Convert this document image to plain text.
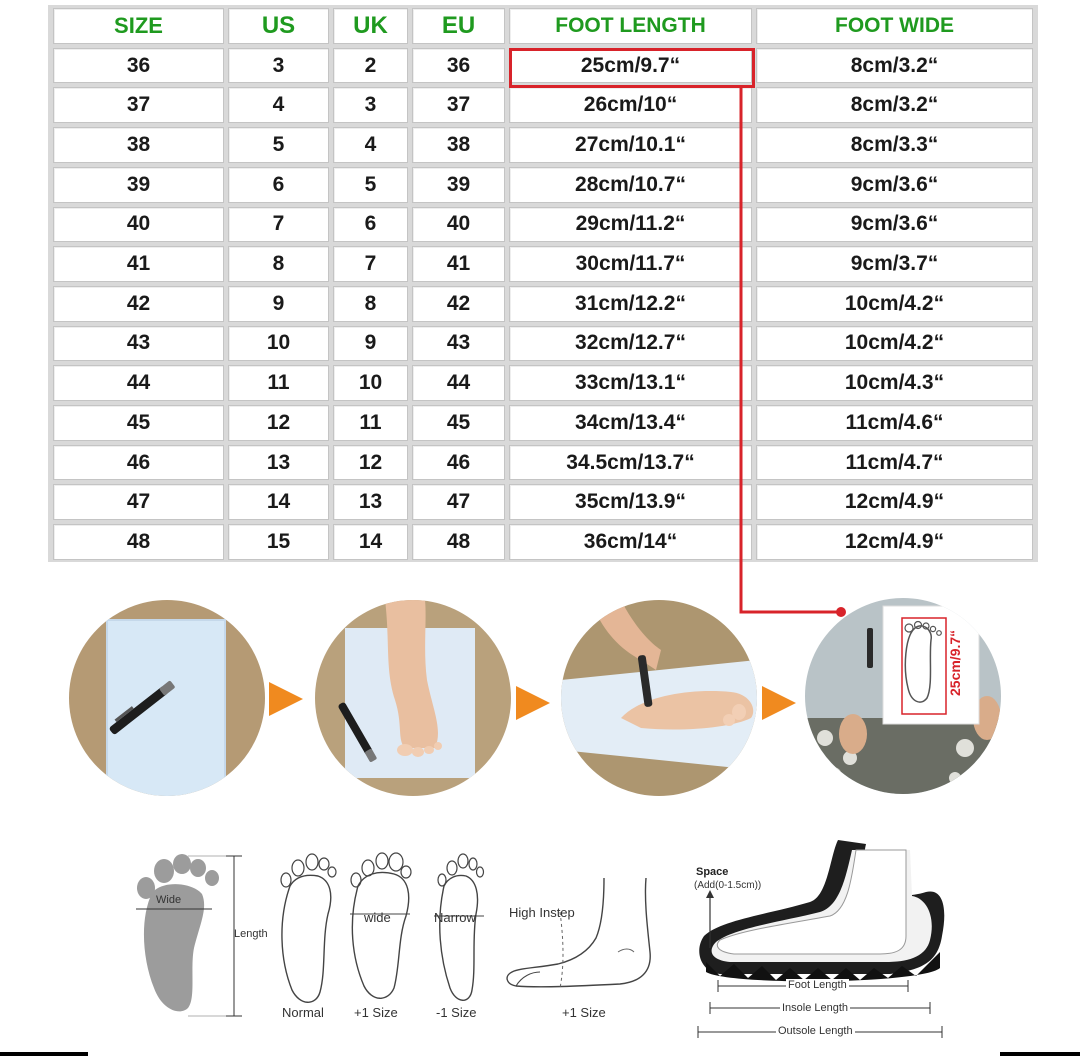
SIZE	US	UK	EU	FOOT LENGTH	FOOT WIDE
36	3	2	36	25cm/9.7“	8cm/3.2“
37	4	3	37	26cm/10“	8cm/3.2“
38	5	4	38	27cm/10.1“	8cm/3.3“
39	6	5	39	28cm/10.7“	9cm/3.6“
40	7	6	40	29cm/11.2“	9cm/3.6“
41	8	7	41	30cm/11.7“	9cm/3.7“
42	9	8	42	31cm/12.2“	10cm/4.2“
43	10	9	43	32cm/12.7“	10cm/4.2“
44	11	10	44	33cm/13.1“	10cm/4.3“
45	12	11	45	34cm/13.4“	11cm/4.6“
46	13	12	46	34.5cm/13.7“	11cm/4.7“
47	14	13	47	35cm/13.9“	12cm/4.9“
48	15	14	48	36cm/14“	12cm/4.9“
25cm/9.7“
Wide
Length
Normal
wide
+1 Size
Narrow
-1 Size
High Instep
+1 Size
Space
(Add(0-1.5cm))
Foot Length
Insole Length
Outsole Length
